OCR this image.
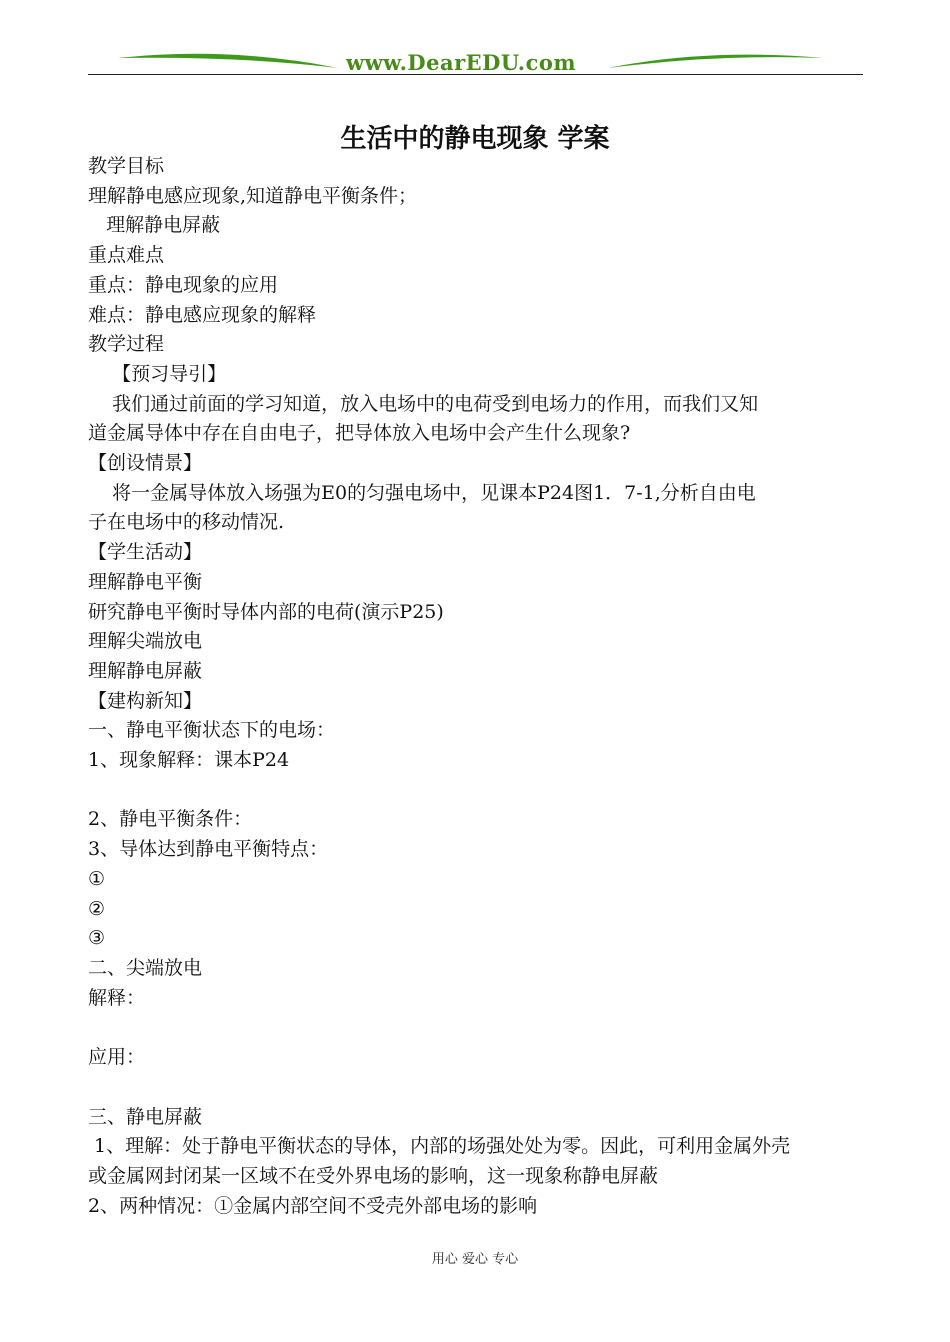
www.DearEDU.com
生活中的静电现象 学案

教学目标

理解静电感应现象,知道静电平衡条件；

理解静电屏蔽

重点难点

重点：静电现象的应用

难点：静电感应现象的解释

教学过程

【预习导引】

我们通过前面的学习知道，放入电场中的电荷受到电场力的作用，而我们又知

道金属导体中存在自由电子，把导体放入电场中会产生什么现象?

【创设情景】

将一金属导体放入场强为E0的匀强电场中，见课本P24图1．7-1,分析自由电

子在电场中的移动情况.

【学生活动】

理解静电平衡

研究静电平衡时导体内部的电荷(演示P25)

理解尖端放电

理解静电屏蔽

【建构新知】

一、静电平衡状态下的电场：

1、现象解释：课本P24

2、静电平衡条件：

3、导体达到静电平衡特点：

①

②

③

二、尖端放电

解释：

应用：

三、静电屏蔽

1、理解：处于静电平衡状态的导体，内部的场强处处为零。因此，可利用金属外壳

或金属网封闭某一区域不在受外界电场的影响，这一现象称静电屏蔽

2、两种情况：①金属内部空间不受壳外部电场的影响

用心 爱心 专心
